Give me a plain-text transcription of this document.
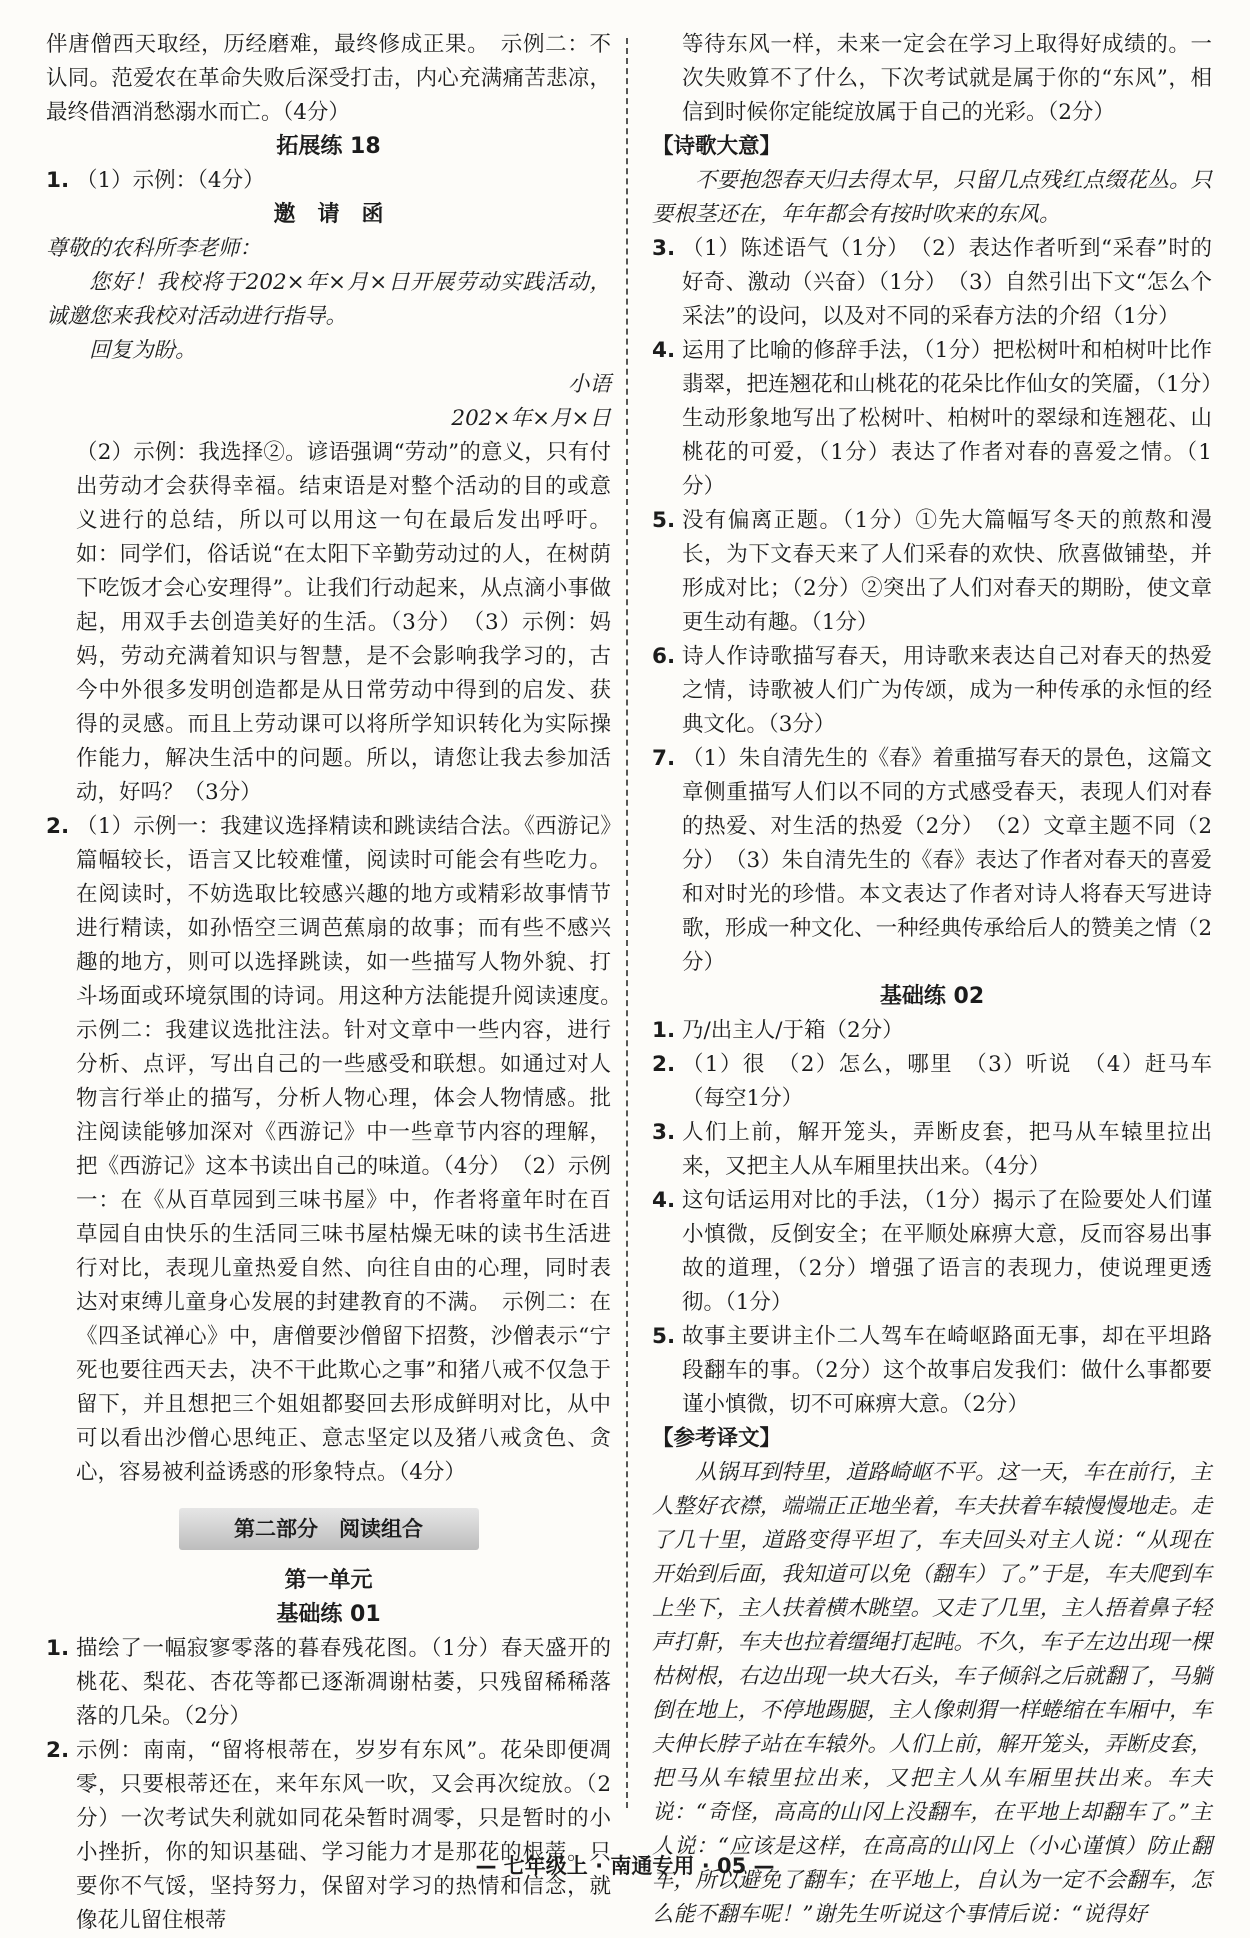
伴唐僧西天取经，历经磨难，最终修成正果。　示例二：不认同。范爱农在革命失败后深受打击，内心充满痛苦悲凉，最终借酒消愁溺水而亡。（4分）

拓展练 18
1. （1）示例：（4分）
邀　请　函

尊敬的农科所李老师：

您好！我校将于202×年×月×日开展劳动实践活动，诚邀您来我校对活动进行指导。

回复为盼。

小语

202×年×月×日

（2）示例：我选择②。谚语强调“劳动”的意义，只有付出劳动才会获得幸福。结束语是对整个活动的目的或意义进行的总结，所以可以用这一句在最后发出呼吁。如：同学们，俗话说“在太阳下辛勤劳动过的人，在树荫下吃饭才会心安理得”。让我们行动起来，从点滴小事做起，用双手去创造美好的生活。（3分）　（3）示例：妈妈，劳动充满着知识与智慧，是不会影响我学习的，古今中外很多发明创造都是从日常劳动中得到的启发、获得的灵感。而且上劳动课可以将所学知识转化为实际操作能力，解决生活中的问题。所以，请您让我去参加活动，好吗？（3分）

2. （1）示例一：我建议选择精读和跳读结合法。《西游记》篇幅较长，语言又比较难懂，阅读时可能会有些吃力。在阅读时，不妨选取比较感兴趣的地方或精彩故事情节进行精读，如孙悟空三调芭蕉扇的故事；而有些不感兴趣的地方，则可以选择跳读，如一些描写人物外貌、打斗场面或环境氛围的诗词。用这种方法能提升阅读速度。　示例二：我建议选批注法。针对文章中一些内容，进行分析、点评，写出自己的一些感受和联想。如通过对人物言行举止的描写，分析人物心理，体会人物情感。批注阅读能够加深对《西游记》中一些章节内容的理解，把《西游记》这本书读出自己的味道。（4分）　（2）示例一：在《从百草园到三味书屋》中，作者将童年时在百草园自由快乐的生活同三味书屋枯燥无味的读书生活进行对比，表现儿童热爱自然、向往自由的心理，同时表达对束缚儿童身心发展的封建教育的不满。　示例二：在《四圣试禅心》中，唐僧要沙僧留下招赘，沙僧表示“宁死也要往西天去，决不干此欺心之事”和猪八戒不仅急于留下，并且想把三个姐姐都娶回去形成鲜明对比，从中可以看出沙僧心思纯正、意志坚定以及猪八戒贪色、贪心，容易被利益诱惑的形象特点。（4分）
第二部分　阅读组合
第一单元
基础练 01
1. 描绘了一幅寂寥零落的暮春残花图。（1分）春天盛开的桃花、梨花、杏花等都已逐渐凋谢枯萎，只残留稀稀落落的几朵。（2分）
2. 示例：南南，“留将根蒂在，岁岁有东风”。花朵即便凋零，只要根蒂还在，来年东风一吹，又会再次绽放。（2分）一次考试失利就如同花朵暂时凋零，只是暂时的小小挫折，你的知识基础、学习能力才是那花的根蒂。只要你不气馁，坚持努力，保留对学习的热情和信念，就像花儿留住根蒂

等待东风一样，未来一定会在学习上取得好成绩的。一次失败算不了什么，下次考试就是属于你的“东风”，相信到时候你定能绽放属于自己的光彩。（2分）

【诗歌大意】

不要抱怨春天归去得太早，只留几点残红点缀花丛。只要根茎还在，年年都会有按时吹来的东风。

3. （1）陈述语气（1分）　（2）表达作者听到“采春”时的好奇、激动（兴奋）（1分）　（3）自然引出下文“怎么个采法”的设问，以及对不同的采春方法的介绍（1分）
4. 运用了比喻的修辞手法，（1分）把松树叶和柏树叶比作翡翠，把连翘花和山桃花的花朵比作仙女的笑靥，（1分）生动形象地写出了松树叶、柏树叶的翠绿和连翘花、山桃花的可爱，（1分）表达了作者对春的喜爱之情。（1分）
5. 没有偏离正题。（1分）①先大篇幅写冬天的煎熬和漫长，为下文春天来了人们采春的欢快、欣喜做铺垫，并形成对比；（2分）②突出了人们对春天的期盼，使文章更生动有趣。（1分）
6. 诗人作诗歌描写春天，用诗歌来表达自己对春天的热爱之情，诗歌被人们广为传颂，成为一种传承的永恒的经典文化。（3分）
7. （1）朱自清先生的《春》着重描写春天的景色，这篇文章侧重描写人们以不同的方式感受春天，表现人们对春的热爱、对生活的热爱（2分）　（2）文章主题不同（2分）　（3）朱自清先生的《春》表达了作者对春天的喜爱和对时光的珍惜。本文表达了作者对诗人将春天写进诗歌，形成一种文化、一种经典传承给后人的赞美之情（2分）
基础练 02
1. 乃/出主人/于箱（2分）
2. （1）很　（2）怎么，哪里　（3）听说　（4）赶马车（每空1分）
3. 人们上前，解开笼头，弄断皮套，把马从车辕里拉出来，又把主人从车厢里扶出来。（4分）
4. 这句话运用对比的手法，（1分）揭示了在险要处人们谨小慎微，反倒安全；在平顺处麻痹大意，反而容易出事故的道理，（2分）增强了语言的表现力，使说理更透彻。（1分）
5. 故事主要讲主仆二人驾车在崎岖路面无事，却在平坦路段翻车的事。（2分）这个故事启发我们：做什么事都要谨小慎微，切不可麻痹大意。（2分）
【参考译文】

从锅耳到特里，道路崎岖不平。这一天，车在前行，主人整好衣襟，端端正正地坐着，车夫扶着车辕慢慢地走。走了几十里，道路变得平坦了，车夫回头对主人说：“从现在开始到后面，我知道可以免（翻车）了。”于是，车夫爬到车上坐下，主人扶着横木眺望。又走了几里，主人捂着鼻子轻声打鼾，车夫也拉着缰绳打起盹。不久，车子左边出现一棵枯树根，右边出现一块大石头，车子倾斜之后就翻了，马躺倒在地上，不停地踢腿，主人像刺猬一样蜷缩在车厢中，车夫伸长脖子站在车辕外。人们上前，解开笼头，弄断皮套，把马从车辕里拉出来，又把主人从车厢里扶出来。车夫说：“奇怪，高高的山冈上没翻车，在平地上却翻车了。”主人说：“应该是这样，在高高的山冈上（小心谨慎）防止翻车，所以避免了翻车；在平地上，自认为一定不会翻车，怎么能不翻车呢！”谢先生听说这个事情后说：“说得好

— 七年级上 · 南通专用 · 05 —
